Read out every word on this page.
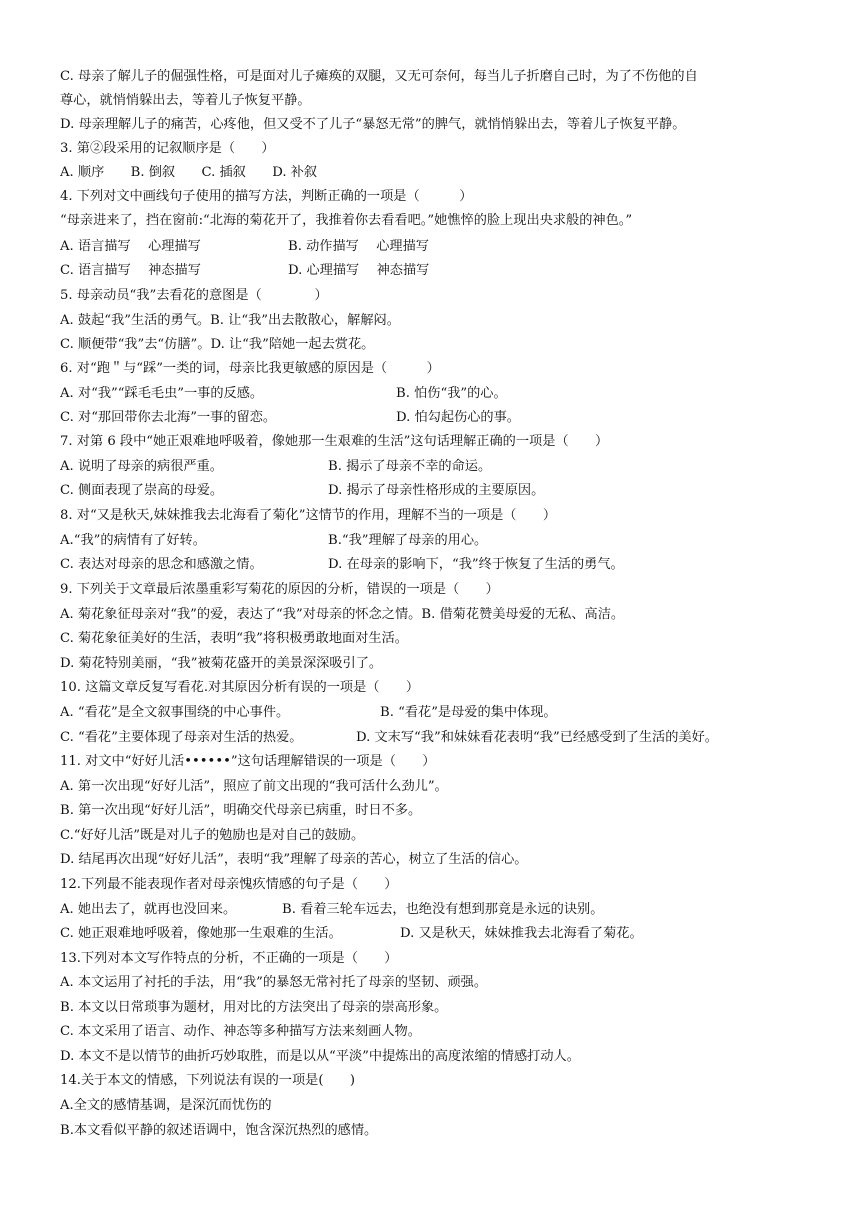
C. 母亲了解儿子的倔强性格，可是面对儿子瘫痪的双腿，又无可奈何，每当儿子折磨自己时，为了不伤他的自
尊心，就悄悄躲出去，等着儿子恢复平静。
D. 母亲理解儿子的痛苦，心疼他，但又受不了儿子“暴怒无常”的脾气，就悄悄躲出去，等着儿子恢复平静。
3. 第②段采用的记叙顺序是（　　）
A. 顺序　　B. 倒叙　　C. 插叙　　D. 补叙
4. 下列对文中画线句子使用的描写方法，判断正确的一项是（　　　）
“母亲进来了，挡在窗前:“北海的菊花开了，我推着你去看看吧。”她憔悴的脸上现出央求般的神色。”
A. 语言描写　 心理描写	B. 动作描写　 心理描写
C. 语言描写　 神态描写	D. 心理描写　 神态描写
5. 母亲动员“我”去看花的意图是（　　　　）
A. 鼓起“我”生活的勇气。B. 让“我”出去散散心，解解闷。
C. 顺便带“我”去“仿膳”。D. 让“我”陪她一起去赏花。
6. 对“跑＂与“踩”一类的词，母亲比我更敏感的原因是（　　　）
A. 对“我”“踩毛毛虫”一事的反感。	B. 怕伤“我”的心。
C. 对“那回带你去北海”一事的留恋。	D. 怕勾起伤心的事。
7. 对第 6 段中“她正艰难地呼吸着，像她那一生艰难的生活”这句话理解正确的一项是（　　）
A. 说明了母亲的病很严重。	B. 揭示了母亲不幸的命运。
C. 侧面表现了崇高的母爱。	D. 揭示了母亲性格形成的主要原因。
8. 对“又是秋天,妹妹推我去北海看了菊化”这情节的作用，理解不当的一项是（　　）
A.“我”的病情有了好转。	B.“我”理解了母亲的用心。
C. 表达对母亲的思念和感激之情。	D. 在母亲的影响下，“我”终于恢复了生活的勇气。
9. 下列关于文章最后浓墨重彩写菊花的原因的分析，错误的一项是（　　）
A. 菊花象征母亲对“我”的爱，表达了“我”对母亲的怀念之情。B. 借菊花赞美母爱的无私、高洁。
C. 菊花象征美好的生活，表明“我”将积极勇敢地面对生活。
D. 菊花特别美丽，“我”被菊花盛开的美景深深吸引了。
10. 这篇文章反复写看花.对其原因分析有误的一项是（　　）
A. “看花”是全文叙事围绕的中心事件。	B. “看花”是母爱的集中体现。
C. “看花”主要体现了母亲对生活的热爱。	D. 文末写“我”和妹妹看花表明“我”已经感受到了生活的美好。
11. 对文中“好好儿活••••••”这句话理解错误的一项是（　　）
A. 第一次出现“好好儿活”，照应了前文出现的“我可活什么劲儿”。
B. 第一次出现“好好儿活”，明确交代母亲已病重，时日不多。
C.“好好儿活”既是对儿子的勉励也是对自己的鼓励。
D. 结尾再次出现“好好儿活”，表明“我”理解了母亲的苦心，树立了生活的信心。
12.下列最不能表现作者对母亲愧疚情感的句子是（　　）
A. 她出去了，就再也没回来。	B. 看着三轮车远去，也绝没有想到那竟是永远的诀别。
C. 她正艰难地呼吸着，像她那一生艰难的生活。	D. 又是秋天，妹妹推我去北海看了菊花。
13.下列对本文写作特点的分析，不正确的一项是（　　）
A. 本文运用了衬托的手法，用“我”的暴怒无常衬托了母亲的坚韧、顽强。
B. 本文以日常琐事为题材，用对比的方法突出了母亲的崇高形象。
C. 本文采用了语言、动作、神态等多种描写方法来刻画人物。
D. 本文不是以情节的曲折巧妙取胜，而是以从“平淡”中提炼出的高度浓缩的情感打动人。
14.关于本文的情感，下列说法有误的一项是(　　)
A.全文的感情基调，是深沉而忧伤的
B.本文看似平静的叙述语调中，饱含深沉热烈的感情。
